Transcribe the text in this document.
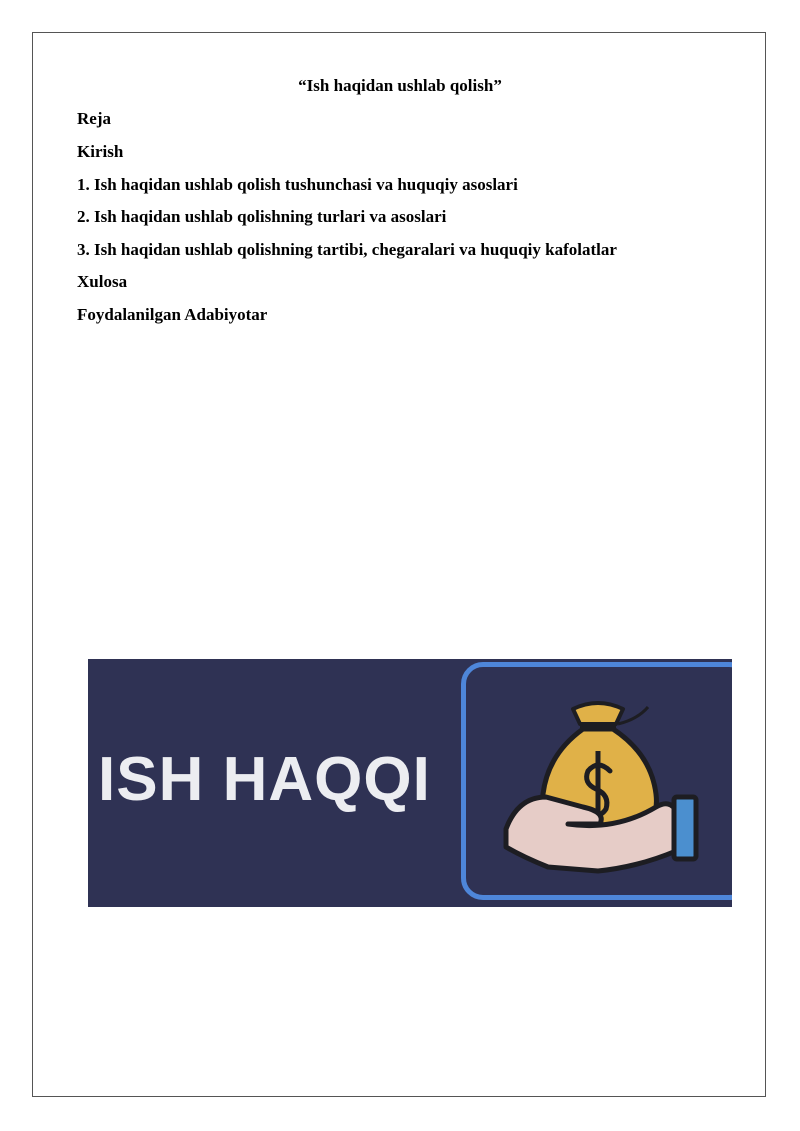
“Ish haqidan ushlab qolish”

Reja

Kirish

1. Ish haqidan ushlab qolish tushunchasi va huquqiy asoslari

2. Ish haqidan ushlab qolishning turlari va asoslari

3. Ish haqidan ushlab qolishning tartibi, chegaralari va huquqiy kafolatlar

Xulosa

Foydalanilgan Adabiyotar

ISH HAQQI
